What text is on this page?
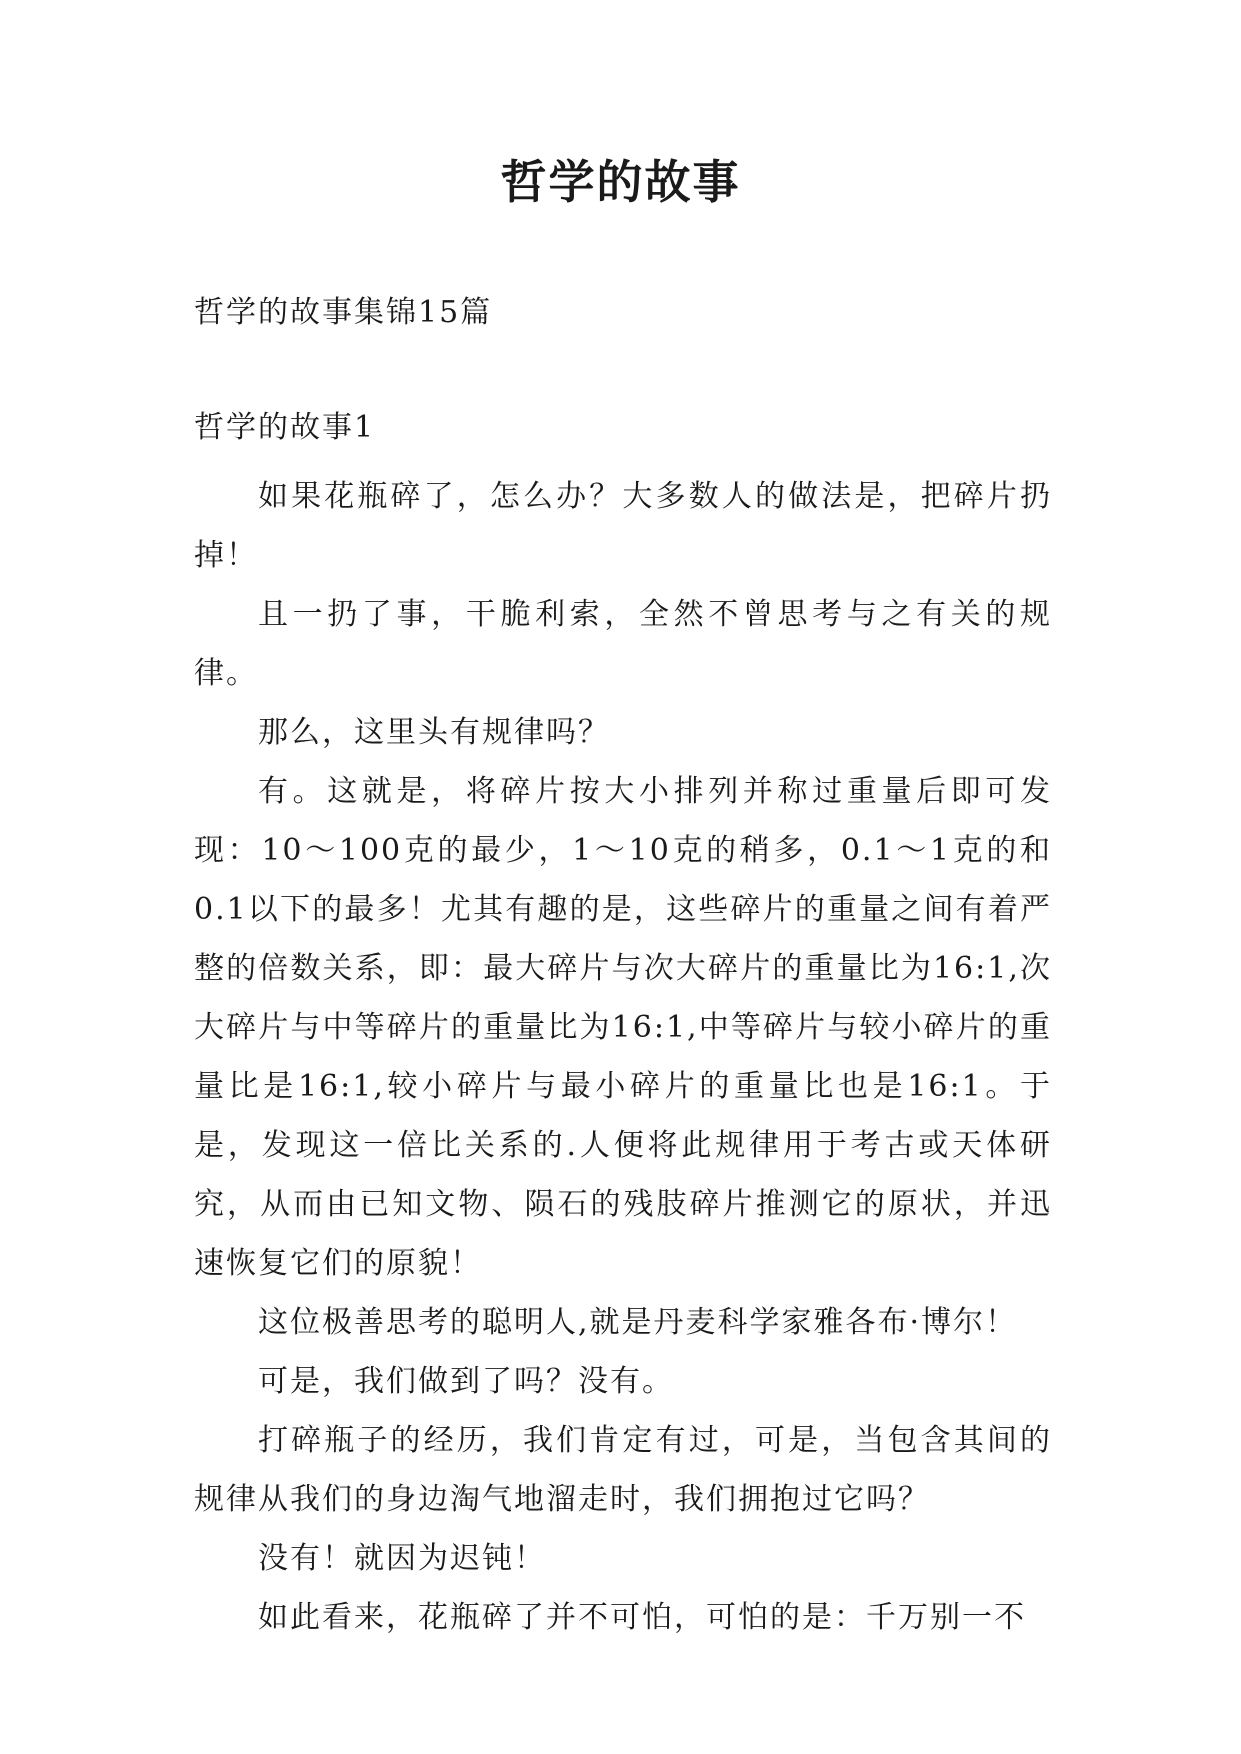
哲学的故事
哲学的故事集锦15篇
哲学的故事1

如果花瓶碎了，怎么办？大多数人的做法是，把碎片扔掉！

且一扔了事，干脆利索，全然不曾思考与之有关的规律。

那么，这里头有规律吗？

有。这就是，将碎片按大小排列并称过重量后即可发现：10～100克的最少，1～10克的稍多，0.1～1克的和0.1以下的最多！尤其有趣的是，这些碎片的重量之间有着严整的倍数关系，即：最大碎片与次大碎片的重量比为16:1,次大碎片与中等碎片的重量比为16:1,中等碎片与较小碎片的重量比是16:1,较小碎片与最小碎片的重量比也是16:1。于是，发现这一倍比关系的.人便将此规律用于考古或天体研究，从而由已知文物、陨石的残肢碎片推测它的原状，并迅速恢复它们的原貌！

这位极善思考的聪明人,就是丹麦科学家雅各布·博尔！

可是，我们做到了吗？没有。

打碎瓶子的经历，我们肯定有过，可是，当包含其间的规律从我们的身边淘气地溜走时，我们拥抱过它吗？

没有！就因为迟钝！

如此看来，花瓶碎了并不可怕，可怕的是：千万别一不
